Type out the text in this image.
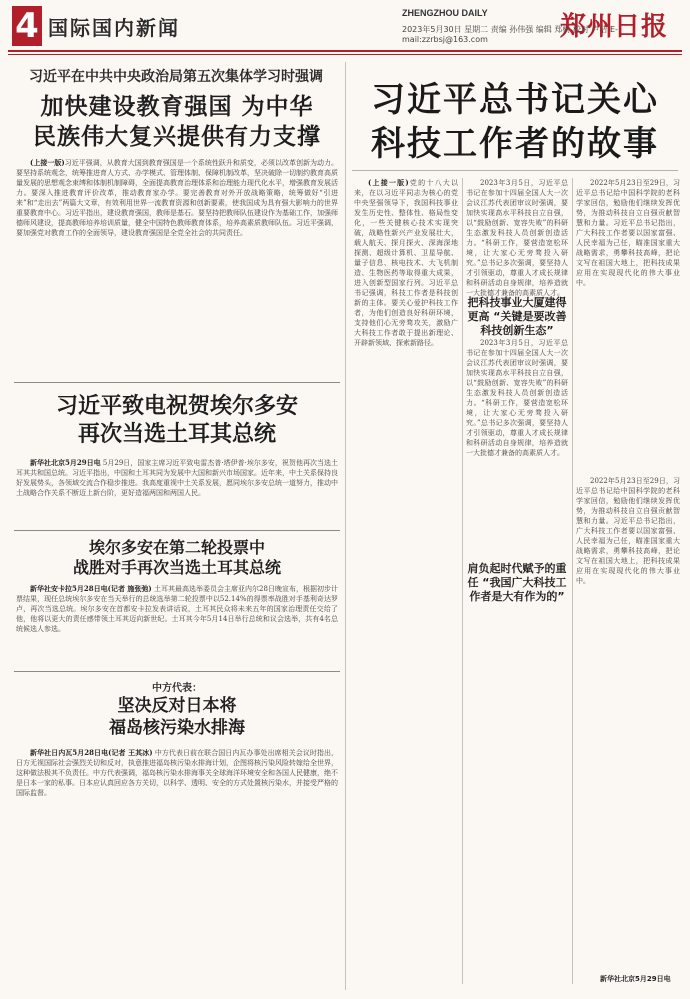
4 国际国内新闻
ZHENGZHOU DAILY	郑州日报
2023年5月30日 星期二 责编 孙伟强 编辑 郑树 校对 卢洁 E-mail:zzrbsj@163.com
习近平在中共中央政治局第五次集体学习时强调
加快建设教育强国 为中华
民族伟大复兴提供有力支撑

(上接一版)习近平强调，从教育大国到教育强国是一个系统性跃升和质变，必须以改革创新为动力。要坚持系统观念，统筹推进育人方式、办学模式、管理体制、保障机制改革，坚决破除一切制约教育高质量发展的思想观念束缚和体制机制障碍，全面提高教育治理体系和治理能力现代化水平，增强教育发展活力。要深入推进教育评价改革，推动教育家办学。要完善教育对外开放战略策略，统筹做好“引进来”和“走出去”两篇大文章，有效利用世界一流教育资源和创新要素，使我国成为具有强大影响力的世界重要教育中心。习近平指出，建设教育强国，教师是基石。要坚持把教师队伍建设作为基础工作，加强师德师风建设，提高教师培养培训质量，健全中国特色教师教育体系，培养高素质教师队伍。习近平强调，要加强党对教育工作的全面领导，建设教育强国是全党全社会的共同责任。

习近平致电祝贺埃尔多安
再次当选土耳其总统

新华社北京5月29日电 5月29日，国家主席习近平致电雷杰普·塔伊普·埃尔多安，祝贺他再次当选土耳其共和国总统。习近平指出，中国和土耳其同为发展中大国和新兴市场国家。近年来，中土关系保持良好发展势头，各领域交流合作稳步推进。我高度重视中土关系发展，愿同埃尔多安总统一道努力，推动中土战略合作关系不断迈上新台阶，更好造福两国和两国人民。

埃尔多安在第二轮投票中
战胜对手再次当选土耳其总统

新华社安卡拉5月28日电(记者 施张弛) 土耳其最高选举委员会主席亚内尔28日晚宣布，根据初步计票结果，现任总统埃尔多安在当天举行的总统选举第二轮投票中以52.14%的得票率战胜对手基利奇达罗卢，再次当选总统。埃尔多安在首都安卡拉发表讲话说，土耳其民众将未来五年的国家治理责任交给了他，他将以更大的责任感带领土耳其迈向新世纪。土耳其今年5月14日举行总统和议会选举，共有4名总统候选人参选。

中方代表：
坚决反对日本将
福岛核污染水排海

新华社日内瓦5月28日电(记者 王其冰) 中方代表日前在联合国日内瓦办事处出席相关会议时指出，日方无视国际社会强烈关切和反对，执意推进福岛核污染水排海计划，企图将核污染风险转嫁给全世界，这种做法极其不负责任。中方代表强调，福岛核污染水排海事关全球海洋环境安全和各国人民健康，绝不是日本一家的私事。日本应认真回应各方关切，以科学、透明、安全的方式处置核污染水，并接受严格的国际监督。

习近平总书记关心
科技工作者的故事

(上接一版)党的十八大以来，在以习近平同志为核心的党中央坚强领导下，我国科技事业发生历史性、整体性、格局性变化，一些关键核心技术实现突破，战略性新兴产业发展壮大，载人航天、探月探火、深海深地探测、超级计算机、卫星导航、量子信息、核电技术、大飞机制造、生物医药等取得重大成果，进入创新型国家行列。习近平总书记强调，科技工作者是科技创新的主体。要关心爱护科技工作者，为他们创造良好科研环境，支持他们心无旁骛攻关，激励广大科技工作者敢于提出新理论、开辟新领域、探索新路径。

2023年3月5日，习近平总书记在参加十四届全国人大一次会议江苏代表团审议时强调，要加快实现高水平科技自立自强，以“鼓励创新、宽容失败”的科研生态激发科技人员创新创造活力。“科研工作，要营造宽松环境，让大家心无旁骛投入研究。”总书记多次强调，要坚持人才引领驱动，尊重人才成长规律和科研活动自身规律，培养造就一大批德才兼备的高素质人才。

把科技事业大厦建得更高 “关键是要改善科技创新生态”

2023年3月5日，习近平总书记在参加十四届全国人大一次会议江苏代表团审议时强调，要加快实现高水平科技自立自强，以“鼓励创新、宽容失败”的科研生态激发科技人员创新创造活力。“科研工作，要营造宽松环境，让大家心无旁骛投入研究。”总书记多次强调，要坚持人才引领驱动，尊重人才成长规律和科研活动自身规律，培养造就一大批德才兼备的高素质人才。

2022年5月23日至29日，习近平总书记给中国科学院的老科学家回信，勉励他们继续发挥优势，为推动科技自立自强贡献智慧和力量。习近平总书记指出，广大科技工作者要以国家富强、人民幸福为己任，瞄准国家重大战略需求，勇攀科技高峰，把论文写在祖国大地上，把科技成果应用在实现现代化的伟大事业中。

肩负起时代赋予的重任 “我国广大科技工作者是大有作为的”

2022年5月23日至29日，习近平总书记给中国科学院的老科学家回信，勉励他们继续发挥优势，为推动科技自立自强贡献智慧和力量。习近平总书记指出，广大科技工作者要以国家富强、人民幸福为己任，瞄准国家重大战略需求，勇攀科技高峰，把论文写在祖国大地上，把科技成果应用在实现现代化的伟大事业中。

新华社北京5月29日电
